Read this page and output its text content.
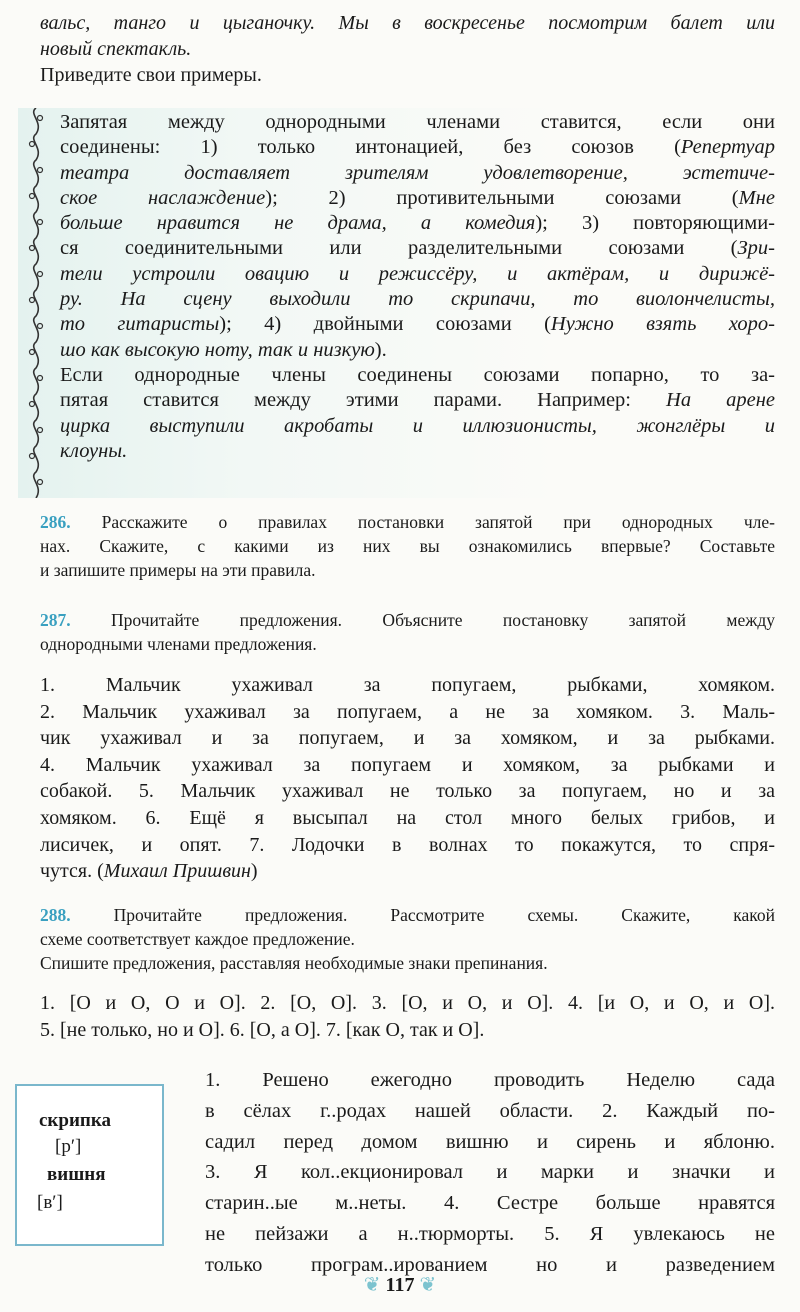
вальс, танго и цыганочку. Мы в воскресенье посмотрим балет или
новый спектакль.
Приведите свои примеры.
Запятая между однородными членами ставится, если они
соединены: 1) только интонацией, без союзов (Репертуар
театра доставляет зрителям удовлетворение, эстетиче-
ское наслаждение); 2) противительными союзами (Мне
больше нравится не драма, а комедия); 3) повторяющими-
ся соединительными или разделительными союзами (Зри-
тели устроили овацию и режиссёру, и актёрам, и дирижё-
ру. На сцену выходили то скрипачи, то виолончелисты,
то гитаристы); 4) двойными союзами (Нужно взять хоро-
шо как высокую ноту, так и низкую).
Если однородные члены соединены союзами попарно, то за-
пятая ставится между этими парами. Например: На арене
цирка выступили акробаты и иллюзионисты, жонглёры и
клоуны.
286. Расскажите о правилах постановки запятой при однородных чле-
нах. Скажите, с какими из них вы ознакомились впервые? Составьте
и запишите примеры на эти правила.
287. Прочитайте предложения. Объясните постановку запятой между
однородными членами предложения.
1. Мальчик ухаживал за попугаем, рыбками, хомяком.
2. Мальчик ухаживал за попугаем, а не за хомяком. 3. Маль-
чик ухаживал и за попугаем, и за хомяком, и за рыбками.
4. Мальчик ухаживал за попугаем и хомяком, за рыбками и
собакой. 5. Мальчик ухаживал не только за попугаем, но и за
хомяком. 6. Ещё я высыпал на стол много белых грибов, и
лисичек, и опят. 7. Лодочки в волнах то покажутся, то спря-
чутся. (Михаил Пришвин)
288. Прочитайте предложения. Рассмотрите схемы. Скажите, какой
схеме соответствует каждое предложение.
Спишите предложения, расставляя необходимые знаки препинания.
1. [О и О, О и О]. 2. [О, О]. 3. [О, и О, и О]. 4. [и О, и О, и О].
5. [не только, но и О]. 6. [О, а О]. 7. [как О, так и О].
скрипка
[р′]
вишня
[в′]
1. Решено ежегодно проводить Неделю сада
в сёлах г..родах нашей области. 2. Каждый по-
садил перед домом вишню и сирень и яблоню.
3. Я кол..екционировал и марки и значки и
старин..ые м..неты. 4. Сестре больше нравятся
не пейзажи а н..тюрморты. 5. Я увлекаюсь не
только програм..ированием но и разведением
❦ 117 ❦
